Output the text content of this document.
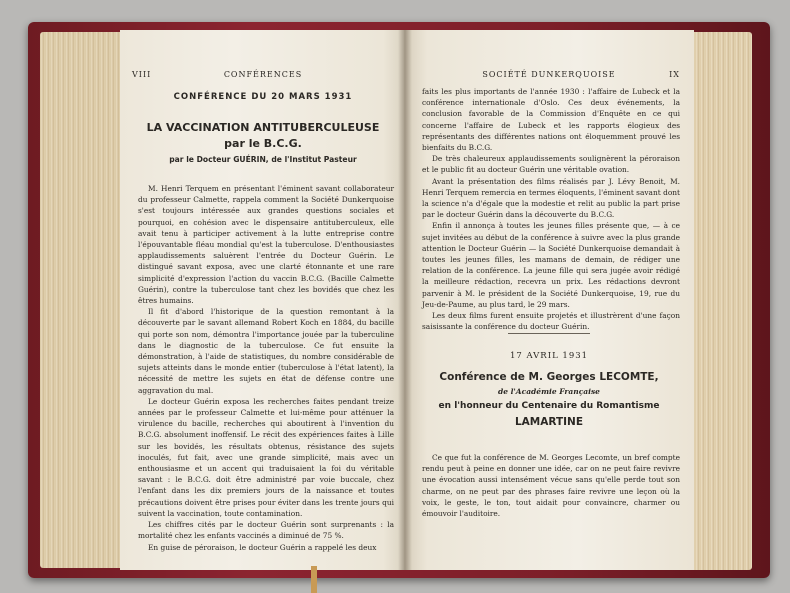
VIII	CONFÉRENCES
CONFÉRENCE DU 20 MARS 1931
LA VACCINATION ANTITUBERCULEUSE
par le B.C.G.
par le Docteur GUÉRIN, de l'Institut Pasteur

M. Henri Terquem en présentant l'éminent savant collaborateur du professeur Calmette, rappela comment la Société Dunkerquoise s'est toujours intéressée aux grandes questions sociales et pourquoi, en cohésion avec le dispensaire antituberculeux, elle avait tenu à participer activement à la lutte entreprise contre l'épouvantable fléau mondial qu'est la tuberculose. D'enthousiastes applaudissements saluèrent l'entrée du Docteur Guérin. Le distingué savant exposa, avec une clarté étonnante et une rare simplicité d'expression l'action du vaccin B.C.G. (Bacille Calmette Guérin), contre la tuberculose tant chez les bovidés que chez les êtres humains.

Il fit d'abord l'historique de la question remontant à la découverte par le savant allemand Robert Koch en 1884, du bacille qui porte son nom, démontra l'importance jouée par la tuberculine dans le diagnostic de la tuberculose. Ce fut ensuite la démonstration, à l'aide de statistiques, du nombre considérable de sujets atteints dans le monde entier (tuberculose à l'état latent), la nécessité de mettre les sujets en état de défense contre une aggravation du mal.

Le docteur Guérin exposa les recherches faites pendant treize années par le professeur Calmette et lui-même pour atténuer la virulence du bacille, recherches qui aboutirent à l'invention du B.C.G. absolument inoffensif. Le récit des expériences faites à Lille sur les bovidés, les résultats obtenus, résistance des sujets inoculés, fut fait, avec une grande simplicité, mais avec un enthousiasme et un accent qui traduisaient la foi du véritable savant : le B.C.G. doit être administré par voie buccale, chez l'enfant dans les dix premiers jours de la naissance et toutes précautions doivent être prises pour éviter dans les trente jours qui suivent la vaccination, toute contamination.

Les chiffres cités par le docteur Guérin sont surprenants : la mortalité chez les enfants vaccinés a diminué de 75 %.

En guise de péroraison, le docteur Guérin a rappelé les deux

SOCIÉTÉ DUNKERQUOISE	IX

faits les plus importants de l'année 1930 : l'affaire de Lubeck et la conférence internationale d'Oslo. Ces deux événements, la conclusion favorable de la Commission d'Enquête en ce qui concerne l'affaire de Lubeck et les rapports élogieux des représentants des différentes nations ont éloquemment prouvé les bienfaits du B.C.G.

De très chaleureux applaudissements soulignèrent la péroraison et le public fit au docteur Guérin une véritable ovation.

Avant la présentation des films réalisés par J. Lévy Benoit, M. Henri Terquem remercia en termes éloquents, l'éminent savant dont la science n'a d'égale que la modestie et relit au public la part prise par le docteur Guérin dans la découverte du B.C.G.

Enfin il annonça à toutes les jeunes filles présente que, — à ce sujet invitées au début de la conférence à suivre avec la plus grande attention le Docteur Guérin — la Société Dunkerquoise demandait à toutes les jeunes filles, les mamans de demain, de rédiger une relation de la conférence. La jeune fille qui sera jugée avoir rédigé la meilleure rédaction, recevra un prix. Les rédactions devront parvenir à M. le président de la Société Dunkerquoise, 19, rue du Jeu-de-Paume, au plus tard, le 29 mars.

Les deux films furent ensuite projetés et illustrèrent d'une façon saisissante la conférence du docteur Guérin.

17 AVRIL 1931
Conférence de M. Georges LECOMTE,
de l'Académie Française
en l'honneur du Centenaire du Romantisme
LAMARTINE

Ce que fut la conférence de M. Georges Lecomte, un bref compte rendu peut à peine en donner une idée, car on ne peut faire revivre une évocation aussi intensément vécue sans qu'elle perde tout son charme, on ne peut par des phrases faire revivre une leçon où la voix, le geste, le ton, tout aidait pour convaincre, charmer ou émouvoir l'auditoire.
